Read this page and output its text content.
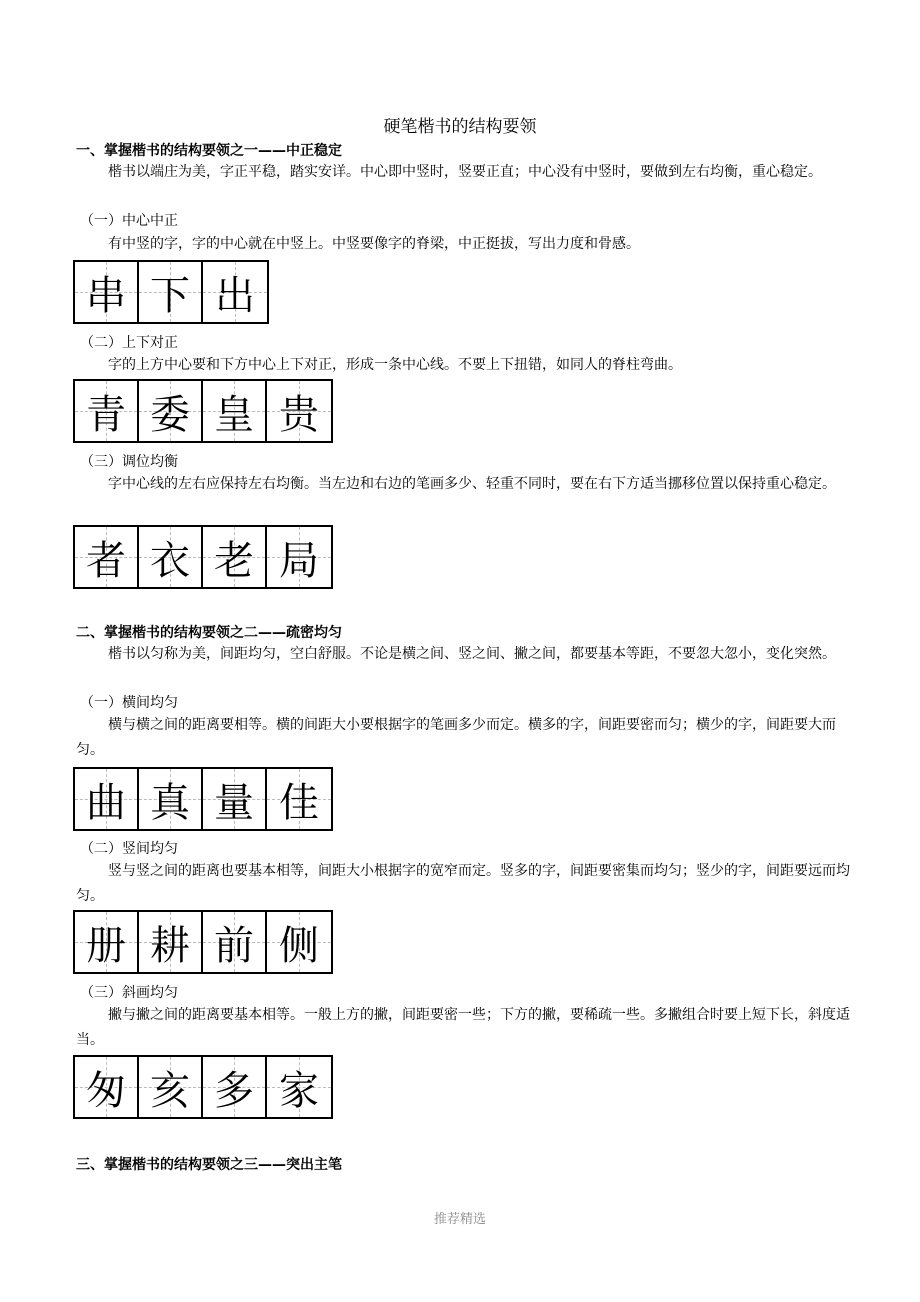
硬笔楷书的结构要领
一、掌握楷书的结构要领之一——中正稳定
楷书以端庄为美，字正平稳，踏实安详。中心即中竖时，竖要正直；中心没有中竖时，要做到左右均衡，重心稳定。
（一）中心中正
有中竖的字，字的中心就在中竖上。中竖要像字的脊梁，中正挺拔，写出力度和骨感。
串 下 出
（二）上下对正
字的上方中心要和下方中心上下对正，形成一条中心线。不要上下扭错，如同人的脊柱弯曲。
青 委 皇 贵
（三）调位均衡
字中心线的左右应保持左右均衡。当左边和右边的笔画多少、轻重不同时，要在右下方适当挪移位置以保持重心稳定。
者 衣 老 局
二、掌握楷书的结构要领之二——疏密均匀
楷书以匀称为美，间距均匀，空白舒服。不论是横之间、竖之间、撇之间，都要基本等距，不要忽大忽小，变化突然。
（一）横间均匀
横与横之间的距离要相等。横的间距大小要根据字的笔画多少而定。横多的字，间距要密而匀；横少的字，间距要大而匀。
曲 真 量 佳
（二）竖间均匀
竖与竖之间的距离也要基本相等，间距大小根据字的宽窄而定。竖多的字，间距要密集而均匀；竖少的字，间距要远而均匀。
册 耕 前 侧
（三）斜画均匀
撇与撇之间的距离要基本相等。一般上方的撇，间距要密一些；下方的撇，要稀疏一些。多撇组合时要上短下长，斜度适当。
匆 亥 多 家
三、掌握楷书的结构要领之三——突出主笔
推荐精选
